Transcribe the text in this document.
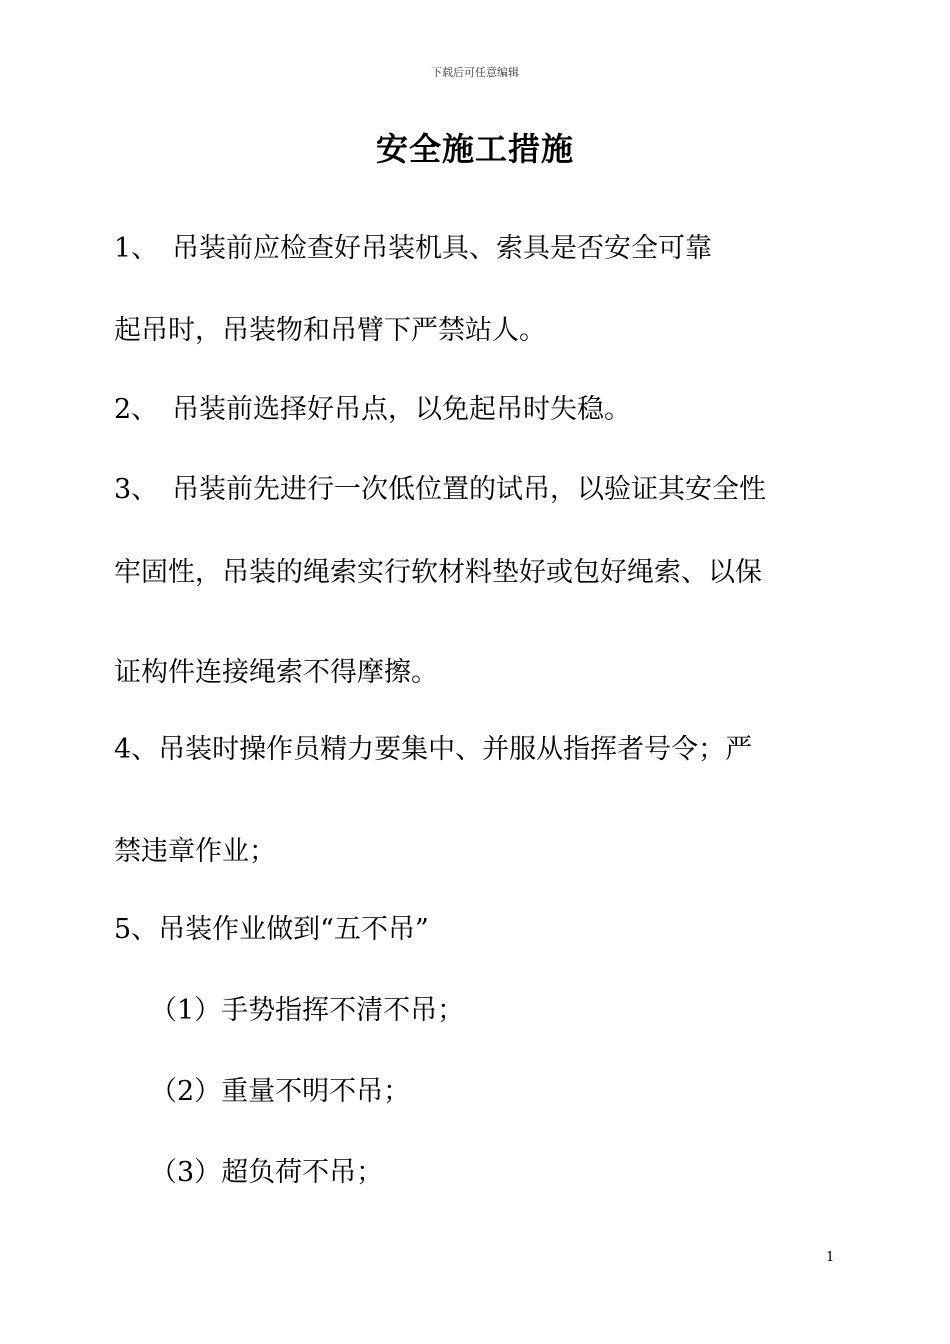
下载后可任意编辑
安全施工措施
1、 吊装前应检查好吊装机具、索具是否安全可靠
起吊时，吊装物和吊臂下严禁站人。
2、 吊装前选择好吊点，以免起吊时失稳。
3、 吊装前先进行一次低位置的试吊，以验证其安全性
牢固性，吊装的绳索实行软材料垫好或包好绳索、以保
证构件连接绳索不得摩擦。
4、吊装时操作员精力要集中、并服从指挥者号令；严
禁违章作业；
5、吊装作业做到“五不吊”
（1）手势指挥不清不吊；
（2）重量不明不吊；
（3）超负荷不吊；
1
